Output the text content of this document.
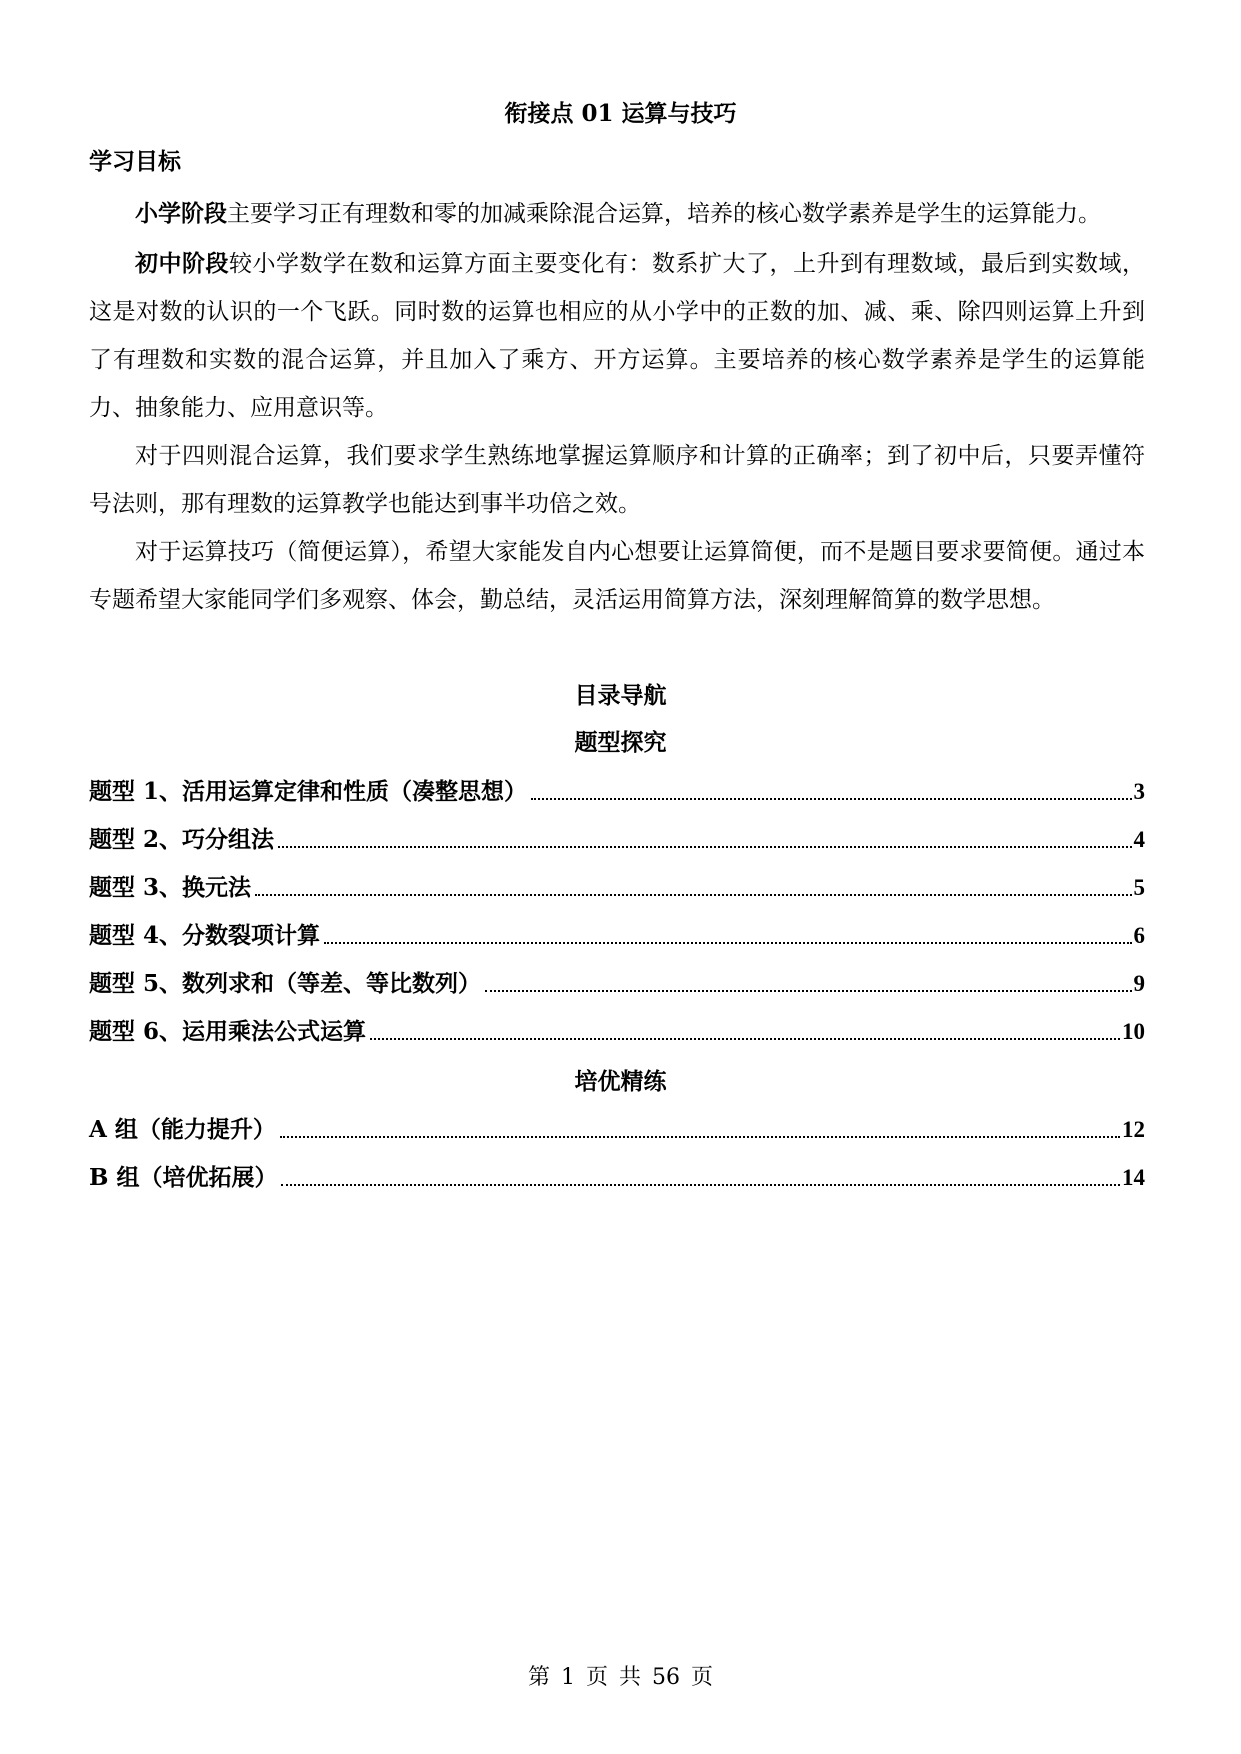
衔接点 01 运算与技巧
学习目标
小学阶段主要学习正有理数和零的加减乘除混合运算，培养的核心数学素养是学生的运算能力。
初中阶段较小学数学在数和运算方面主要变化有：数系扩大了，上升到有理数域，最后到实数域，这是对数的认识的一个飞跃。同时数的运算也相应的从小学中的正数的加、减、乘、除四则运算上升到了有理数和实数的混合运算，并且加入了乘方、开方运算。主要培养的核心数学素养是学生的运算能力、抽象能力、应用意识等。
对于四则混合运算，我们要求学生熟练地掌握运算顺序和计算的正确率；到了初中后，只要弄懂符号法则，那有理数的运算教学也能达到事半功倍之效。
对于运算技巧（简便运算），希望大家能发自内心想要让运算简便，而不是题目要求要简便。通过本专题希望大家能同学们多观察、体会，勤总结，灵活运用简算方法，深刻理解简算的数学思想。
目录导航
题型探究
题型 1、活用运算定律和性质（凑整思想）	3
题型 2、巧分组法	4
题型 3、换元法	5
题型 4、分数裂项计算	6
题型 5、数列求和（等差、等比数列）	9
题型 6、运用乘法公式运算	10
培优精练
A 组（能力提升）	12
B 组（培优拓展）	14
第 1 页 共 56 页
